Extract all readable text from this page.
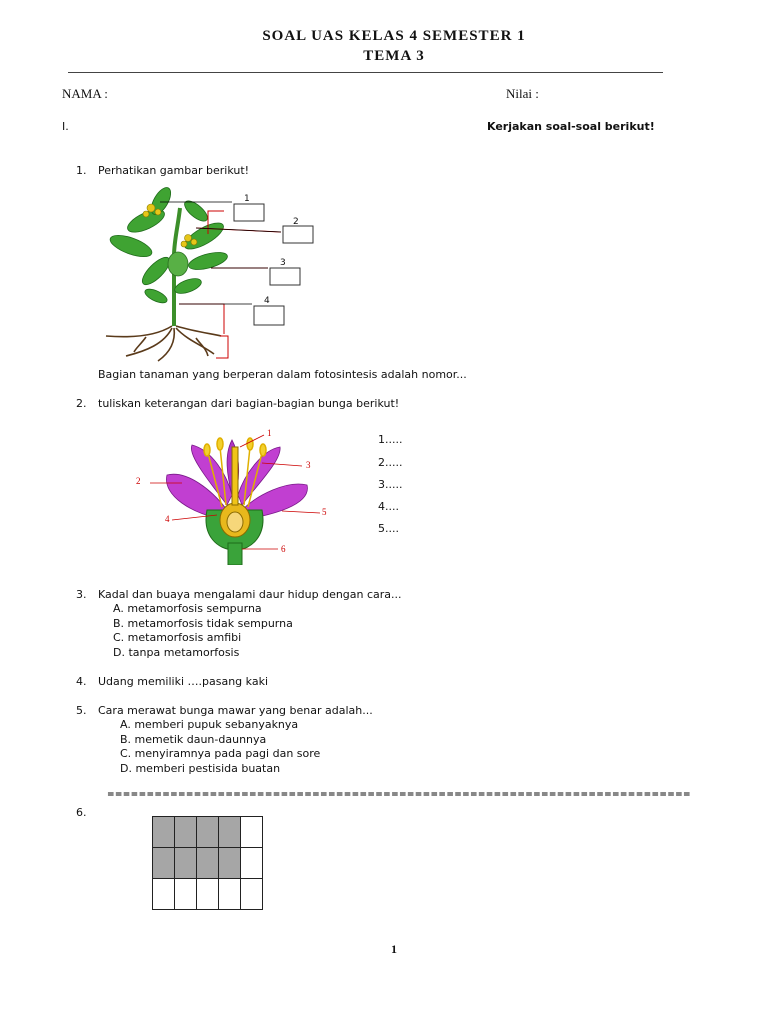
SOAL UAS KELAS 4 SEMESTER 1
TEMA 3
NAMA :	Nilai :
I.	Kerjakan soal-soal berikut!
1. Perhatikan gambar berikut!
1
2
3
4
Bagian tanaman yang berperan dalam fotosintesis adalah nomor...
2. tuliskan keterangan dari bagian-bagian bunga berikut!
1
2
3
4
5
6
1.....
2.....
3.....
4....
5....
3. Kadal dan buaya mengalami daur hidup dengan cara...
A. metamorfosis sempurna
B. metamorfosis tidak sempurna
C. metamorfosis amfibi
D. tanpa metamorfosis
4. Udang memiliki ….pasang kaki
5. Cara merawat bunga mawar yang benar adalah...
A. memberi pupuk sebanyaknya
B. memetik daun-daunnya
C. menyiramnya pada pagi dan sore
D. memberi pestisida buatan
==========================================================================
6.
1
